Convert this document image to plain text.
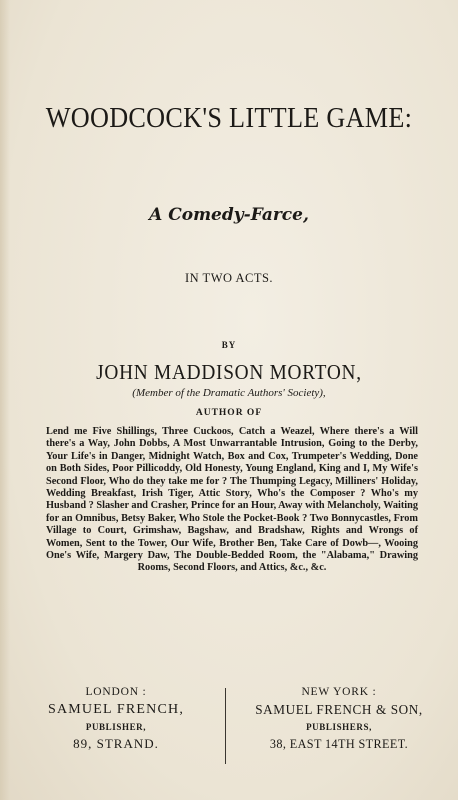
WOODCOCK'S LITTLE GAME:
A Comedy-Farce,
IN TWO ACTS.
BY
JOHN MADDISON MORTON,
(Member of the Dramatic Authors' Society),
AUTHOR OF
Lend me Five Shillings, Three Cuckoos, Catch a Weazel, Where there's a Will there's a Way, John Dobbs, A Most Unwarrantable Intrusion, Going to the Derby, Your Life's in Danger, Midnight Watch, Box and Cox, Trumpeter's Wedding, Done on Both Sides, Poor Pillicoddy, Old Honesty, Young England, King and I, My Wife's Second Floor, Who do they take me for ? The Thumping Legacy, Milliners' Holiday, Wedding Breakfast, Irish Tiger, Attic Story, Who's the Composer ? Who's my Husband ? Slasher and Crasher, Prince for an Hour, Away with Melancholy, Waiting for an Omnibus, Betsy Baker, Who Stole the Pocket-Book ? Two Bonnycastles, From Village to Court, Grimshaw, Bagshaw, and Bradshaw, Rights and Wrongs of Women, Sent to the Tower, Our Wife, Brother Ben, Take Care of Dowb—, Wooing One's Wife, Margery Daw, The Double-Bedded Room, the "Alabama," Drawing Rooms, Second Floors, and Attics, &c., &c.
LONDON :
SAMUEL FRENCH,
PUBLISHER,
89, STRAND.
NEW YORK :
SAMUEL FRENCH & SON,
PUBLISHERS,
38, EAST 14TH STREET.
